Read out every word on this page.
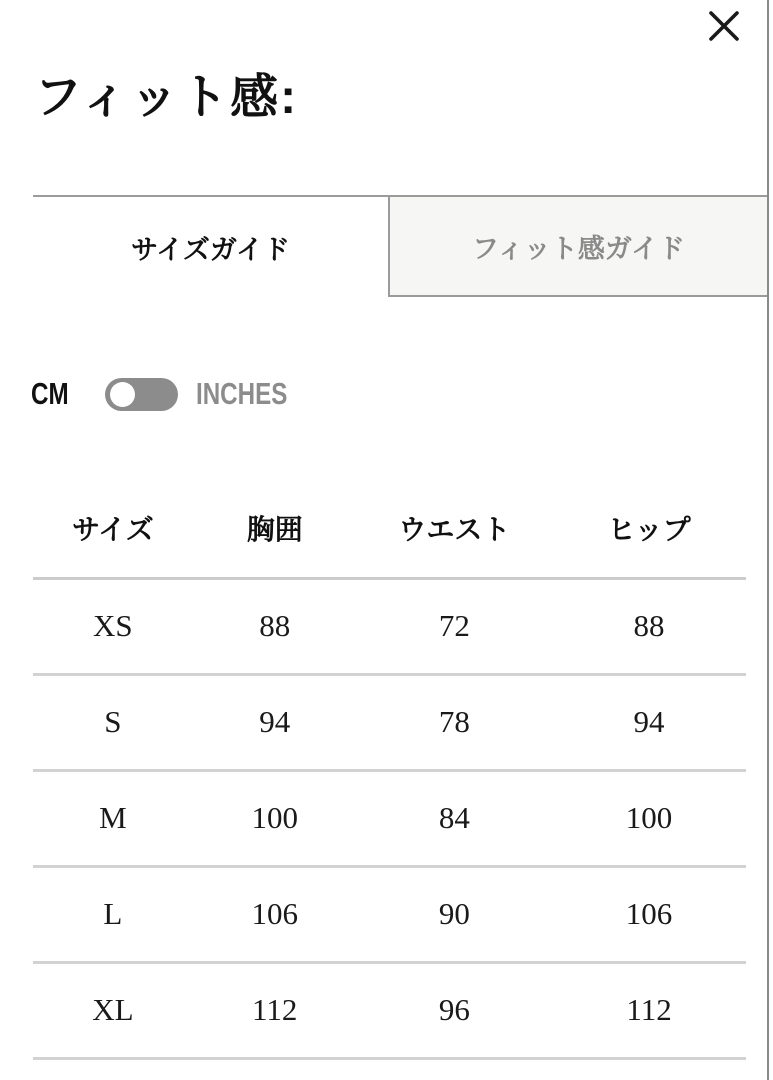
フィット感:
サイズガイド	フィット感ガイド
CM	INCHES
サイズ	胸囲	ウエスト	ヒップ
XS	88	72	88
S	94	78	94
M	100	84	100
L	106	90	106
XL	112	96	112
